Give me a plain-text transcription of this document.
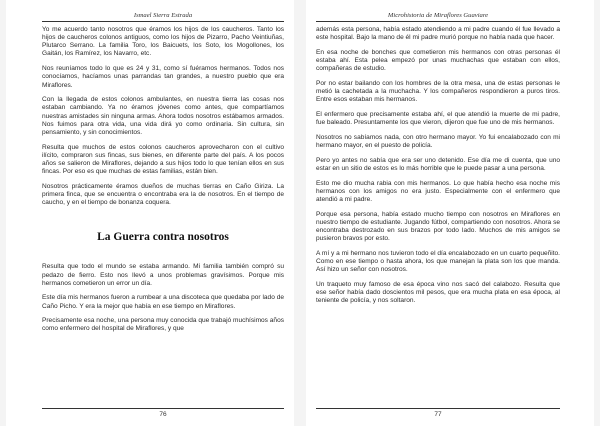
Ismael Sierra Estrada

Yo me acuerdo tanto nosotros que éramos los hijos de los caucheros. Tanto los hijos de caucheros colonos antiguos, como los hijos de Pizarro, Pacho Veintiuñas, Plutarco Serrano. La familia Toro, los Baicuets, los Soto, los Mogollones, los Gaitán, los Ramírez, los Navarro, etc.

Nos reuníamos todo lo que es 24 y 31, como sí fuéramos hermanos. Todos nos conocíamos, hacíamos unas parrandas tan grandes, a nuestro pueblo que era Miraflores.

Con la llegada de estos colonos ambulantes, en nuestra tierra las cosas nos estaban cambiando. Ya no éramos jóvenes como antes, que compartíamos nuestras amistades sin ninguna armas. Ahora todos nosotros estábamos armados. Nos fuimos para otra vida, una vida dirá yo como ordinaria. Sin cultura, sin pensamiento, y sin conocimientos.

Resulta que muchos de estos colonos caucheros aprovecharon con el cultivo ilícito, compraron sus fincas, sus bienes, en diferente parte del país. A los pocos años se salieron de Miraflores, dejando a sus hijos todo lo que tenían ellos en sus fincas. Por eso es que muchas de estas familias, están bien.

Nosotros prácticamente éramos dueños de muchas tierras en Caño Giriza. La primera finca, que se encuentra o encontraba era la de nosotros. En el tiempo de caucho, y en el tiempo de bonanza coquera.

La Guerra contra nosotros

Resulta que todo el mundo se estaba armando. Mi familia también compró su pedazo de fierro. Esto nos llevó a unos problemas gravísimos. Porque mis hermanos cometieron un error un día.

Este día mis hermanos fueron a rumbear a una discoteca que quedaba por lado de Caño Picho. Y era la mejor que había en ese tiempo en Miraflores.

Precisamente esa noche, una persona muy conocida que trabajó muchísimos años como enfermero del hospital de Miraflores, y que

76
Microhistoria de Miraflores Guaviare

además esta persona, había estado atendiendo a mi padre cuando él fue llevado a este hospital. Bajo la mano de él mi padre murió porque no había nada que hacer.

En esa noche de bonches que cometieron mis hermanos con otras personas él estaba ahí. Esta pelea empezó por unas muchachas que estaban con ellos, compañeras de estudio.

Por no estar bailando con los hombres de la otra mesa, una de estas personas le metió la cachetada a la muchacha. Y los compañeros respondieron a puros tiros. Entre esos estaban mis hermanos.

El enfermero que precisamente estaba ahí, el que atendió la muerte de mi padre, fue baleado. Presuntamente los que vieron, dijeron que fue uno de mis hermanos.

Nosotros no sabíamos nada, con otro hermano mayor. Yo fui encalabozado con mi hermano mayor, en el puesto de policía.

Pero yo antes no sabía que era ser uno detenido. Ese día me di cuenta, que uno estar en un sitio de estos es lo más horrible que le puede pasar a una persona.

Esto me dio mucha rabia con mis hermanos. Lo que había hecho esa noche mis hermanos con los amigos no era justo. Especialmente con el enfermero que atendió a mi padre.

Porque esa persona, había estado mucho tiempo con nosotros en Miraflores en nuestro tiempo de estudiante. Jugando fútbol, compartiendo con nosotros. Ahora se encontraba destrozado en sus brazos por todo lado. Muchos de mis amigos se pusieron bravos por esto.

A mí y a mi hermano nos tuvieron todo el día encalabozado en un cuarto pequeñito. Como en ese tiempo o hasta ahora, los que manejan la plata son los que manda. Así hizo un señor con nosotros.

Un traqueto muy famoso de esa época vino nos sacó del calabozo. Resulta que ese señor había dado doscientos mil pesos, que era mucha plata en esa época, al teniente de policía, y nos soltaron.

77
